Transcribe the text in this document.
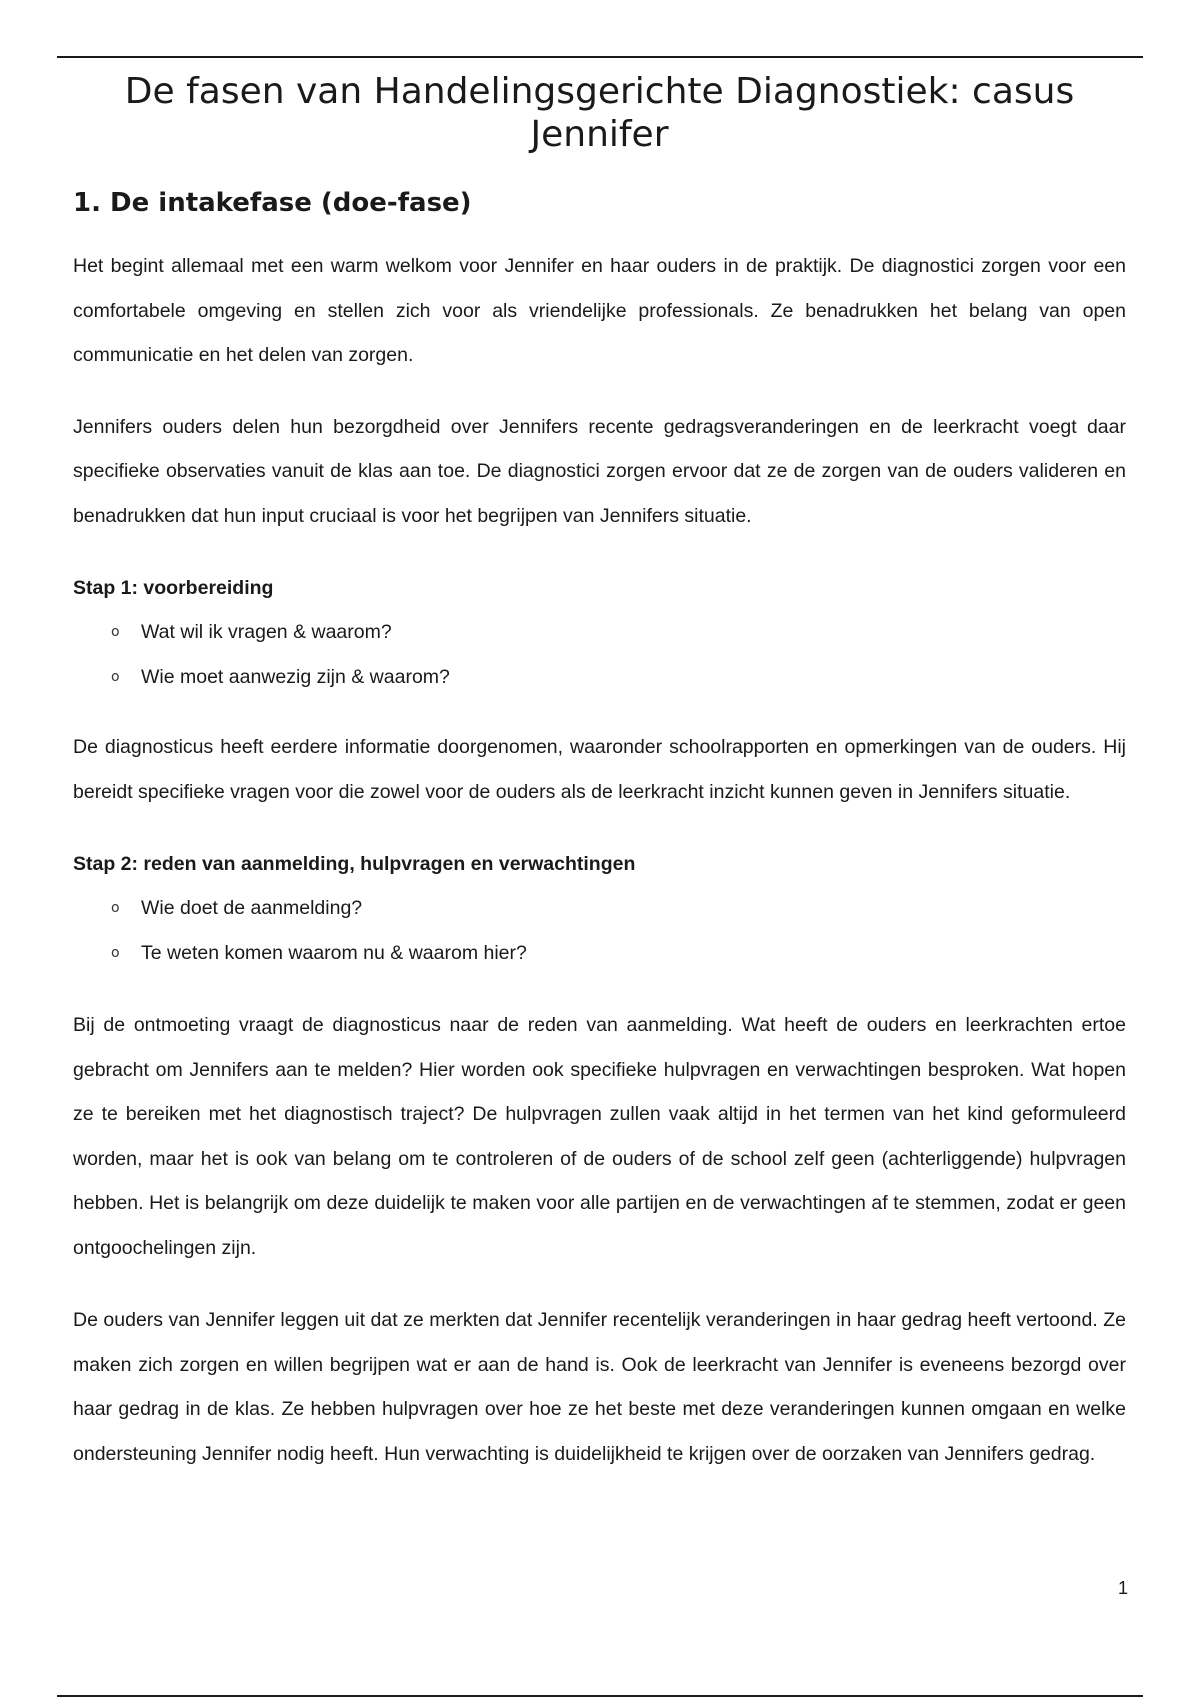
De fasen van Handelingsgerichte Diagnostiek: casus Jennifer
1. De intakefase (doe-fase)

Het begint allemaal met een warm welkom voor Jennifer en haar ouders in de praktijk. De diagnostici zorgen voor een comfortabele omgeving en stellen zich voor als vriendelijke professionals. Ze benadrukken het belang van open communicatie en het delen van zorgen.

Jennifers ouders delen hun bezorgdheid over Jennifers recente gedragsveranderingen en de leerkracht voegt daar specifieke observaties vanuit de klas aan toe. De diagnostici zorgen ervoor dat ze de zorgen van de ouders valideren en benadrukken dat hun input cruciaal is voor het begrijpen van Jennifers situatie.

Stap 1: voorbereiding

o	Wat wil ik vragen & waarom?
o	Wie moet aanwezig zijn & waarom?

De diagnosticus heeft eerdere informatie doorgenomen, waaronder schoolrapporten en opmerkingen van de ouders. Hij bereidt specifieke vragen voor die zowel voor de ouders als de leerkracht inzicht kunnen geven in Jennifers situatie.

Stap 2: reden van aanmelding, hulpvragen en verwachtingen

o	Wie doet de aanmelding?
o	Te weten komen waarom nu & waarom hier?

Bij de ontmoeting vraagt de diagnosticus naar de reden van aanmelding. Wat heeft de ouders en leerkrachten ertoe gebracht om Jennifers aan te melden? Hier worden ook specifieke hulpvragen en verwachtingen besproken. Wat hopen ze te bereiken met het diagnostisch traject? De hulpvragen zullen vaak altijd in het termen van het kind geformuleerd worden, maar het is ook van belang om te controleren of de ouders of de school zelf geen (achterliggende) hulpvragen hebben. Het is belangrijk om deze duidelijk te maken voor alle partijen en de verwachtingen af te stemmen, zodat er geen ontgoochelingen zijn.

De ouders van Jennifer leggen uit dat ze merkten dat Jennifer recentelijk veranderingen in haar gedrag heeft vertoond. Ze maken zich zorgen en willen begrijpen wat er aan de hand is. Ook de leerkracht van Jennifer is eveneens bezorgd over haar gedrag in de klas. Ze hebben hulpvragen over hoe ze het beste met deze veranderingen kunnen omgaan en welke ondersteuning Jennifer nodig heeft. Hun verwachting is duidelijkheid te krijgen over de oorzaken van Jennifers gedrag.

1
